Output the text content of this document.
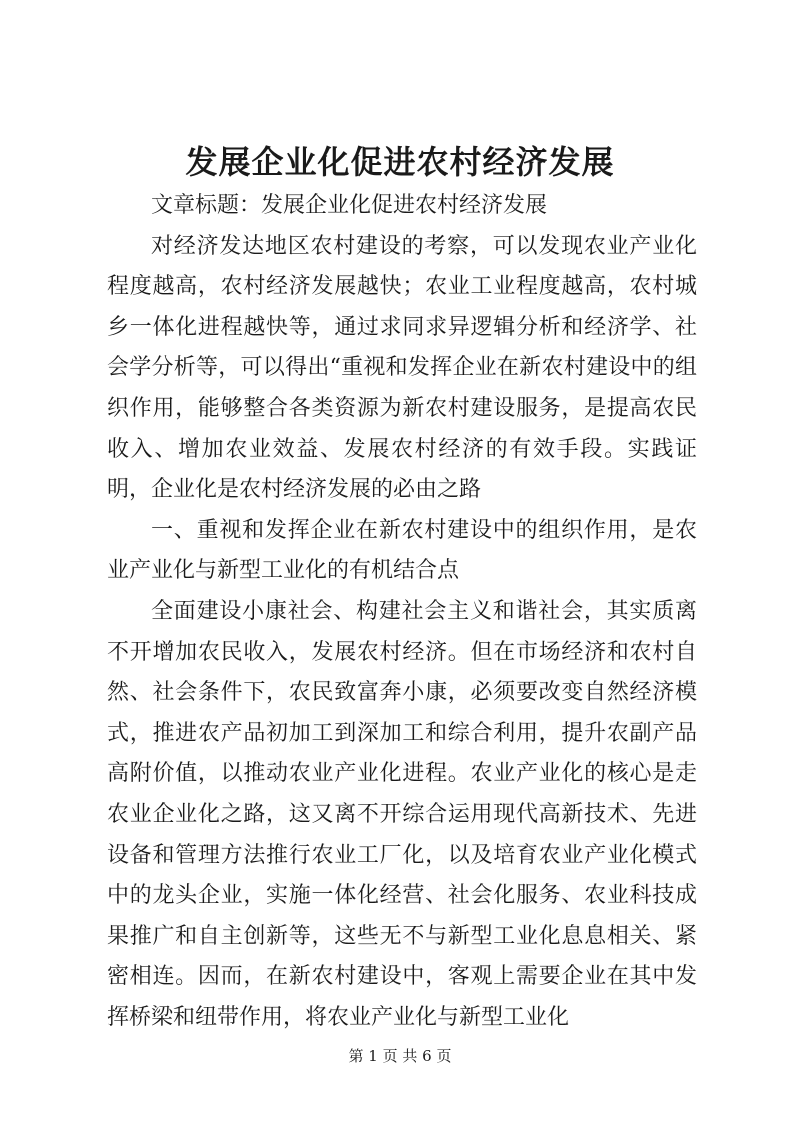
发展企业化促进农村经济发展

文章标题：发展企业化促进农村经济发展

对经济发达地区农村建设的考察，可以发现农业产业化程度越高，农村经济发展越快；农业工业程度越高，农村城乡一体化进程越快等，通过求同求异逻辑分析和经济学、社会学分析等，可以得出“重视和发挥企业在新农村建设中的组织作用，能够整合各类资源为新农村建设服务，是提高农民收入、增加农业效益、发展农村经济的有效手段。实践证明，企业化是农村经济发展的必由之路

一、重视和发挥企业在新农村建设中的组织作用，是农业产业化与新型工业化的有机结合点

全面建设小康社会、构建社会主义和谐社会，其实质离不开增加农民收入，发展农村经济。但在市场经济和农村自然、社会条件下，农民致富奔小康，必须要改变自然经济模式，推进农产品初加工到深加工和综合利用，提升农副产品高附价值，以推动农业产业化进程。农业产业化的核心是走农业企业化之路，这又离不开综合运用现代高新技术、先进设备和管理方法推行农业工厂化，以及培育农业产业化模式中的龙头企业，实施一体化经营、社会化服务、农业科技成果推广和自主创新等，这些无不与新型工业化息息相关、紧密相连。因而，在新农村建设中，客观上需要企业在其中发挥桥梁和纽带作用，将农业产业化与新型工业化

第 1 页 共 6 页
